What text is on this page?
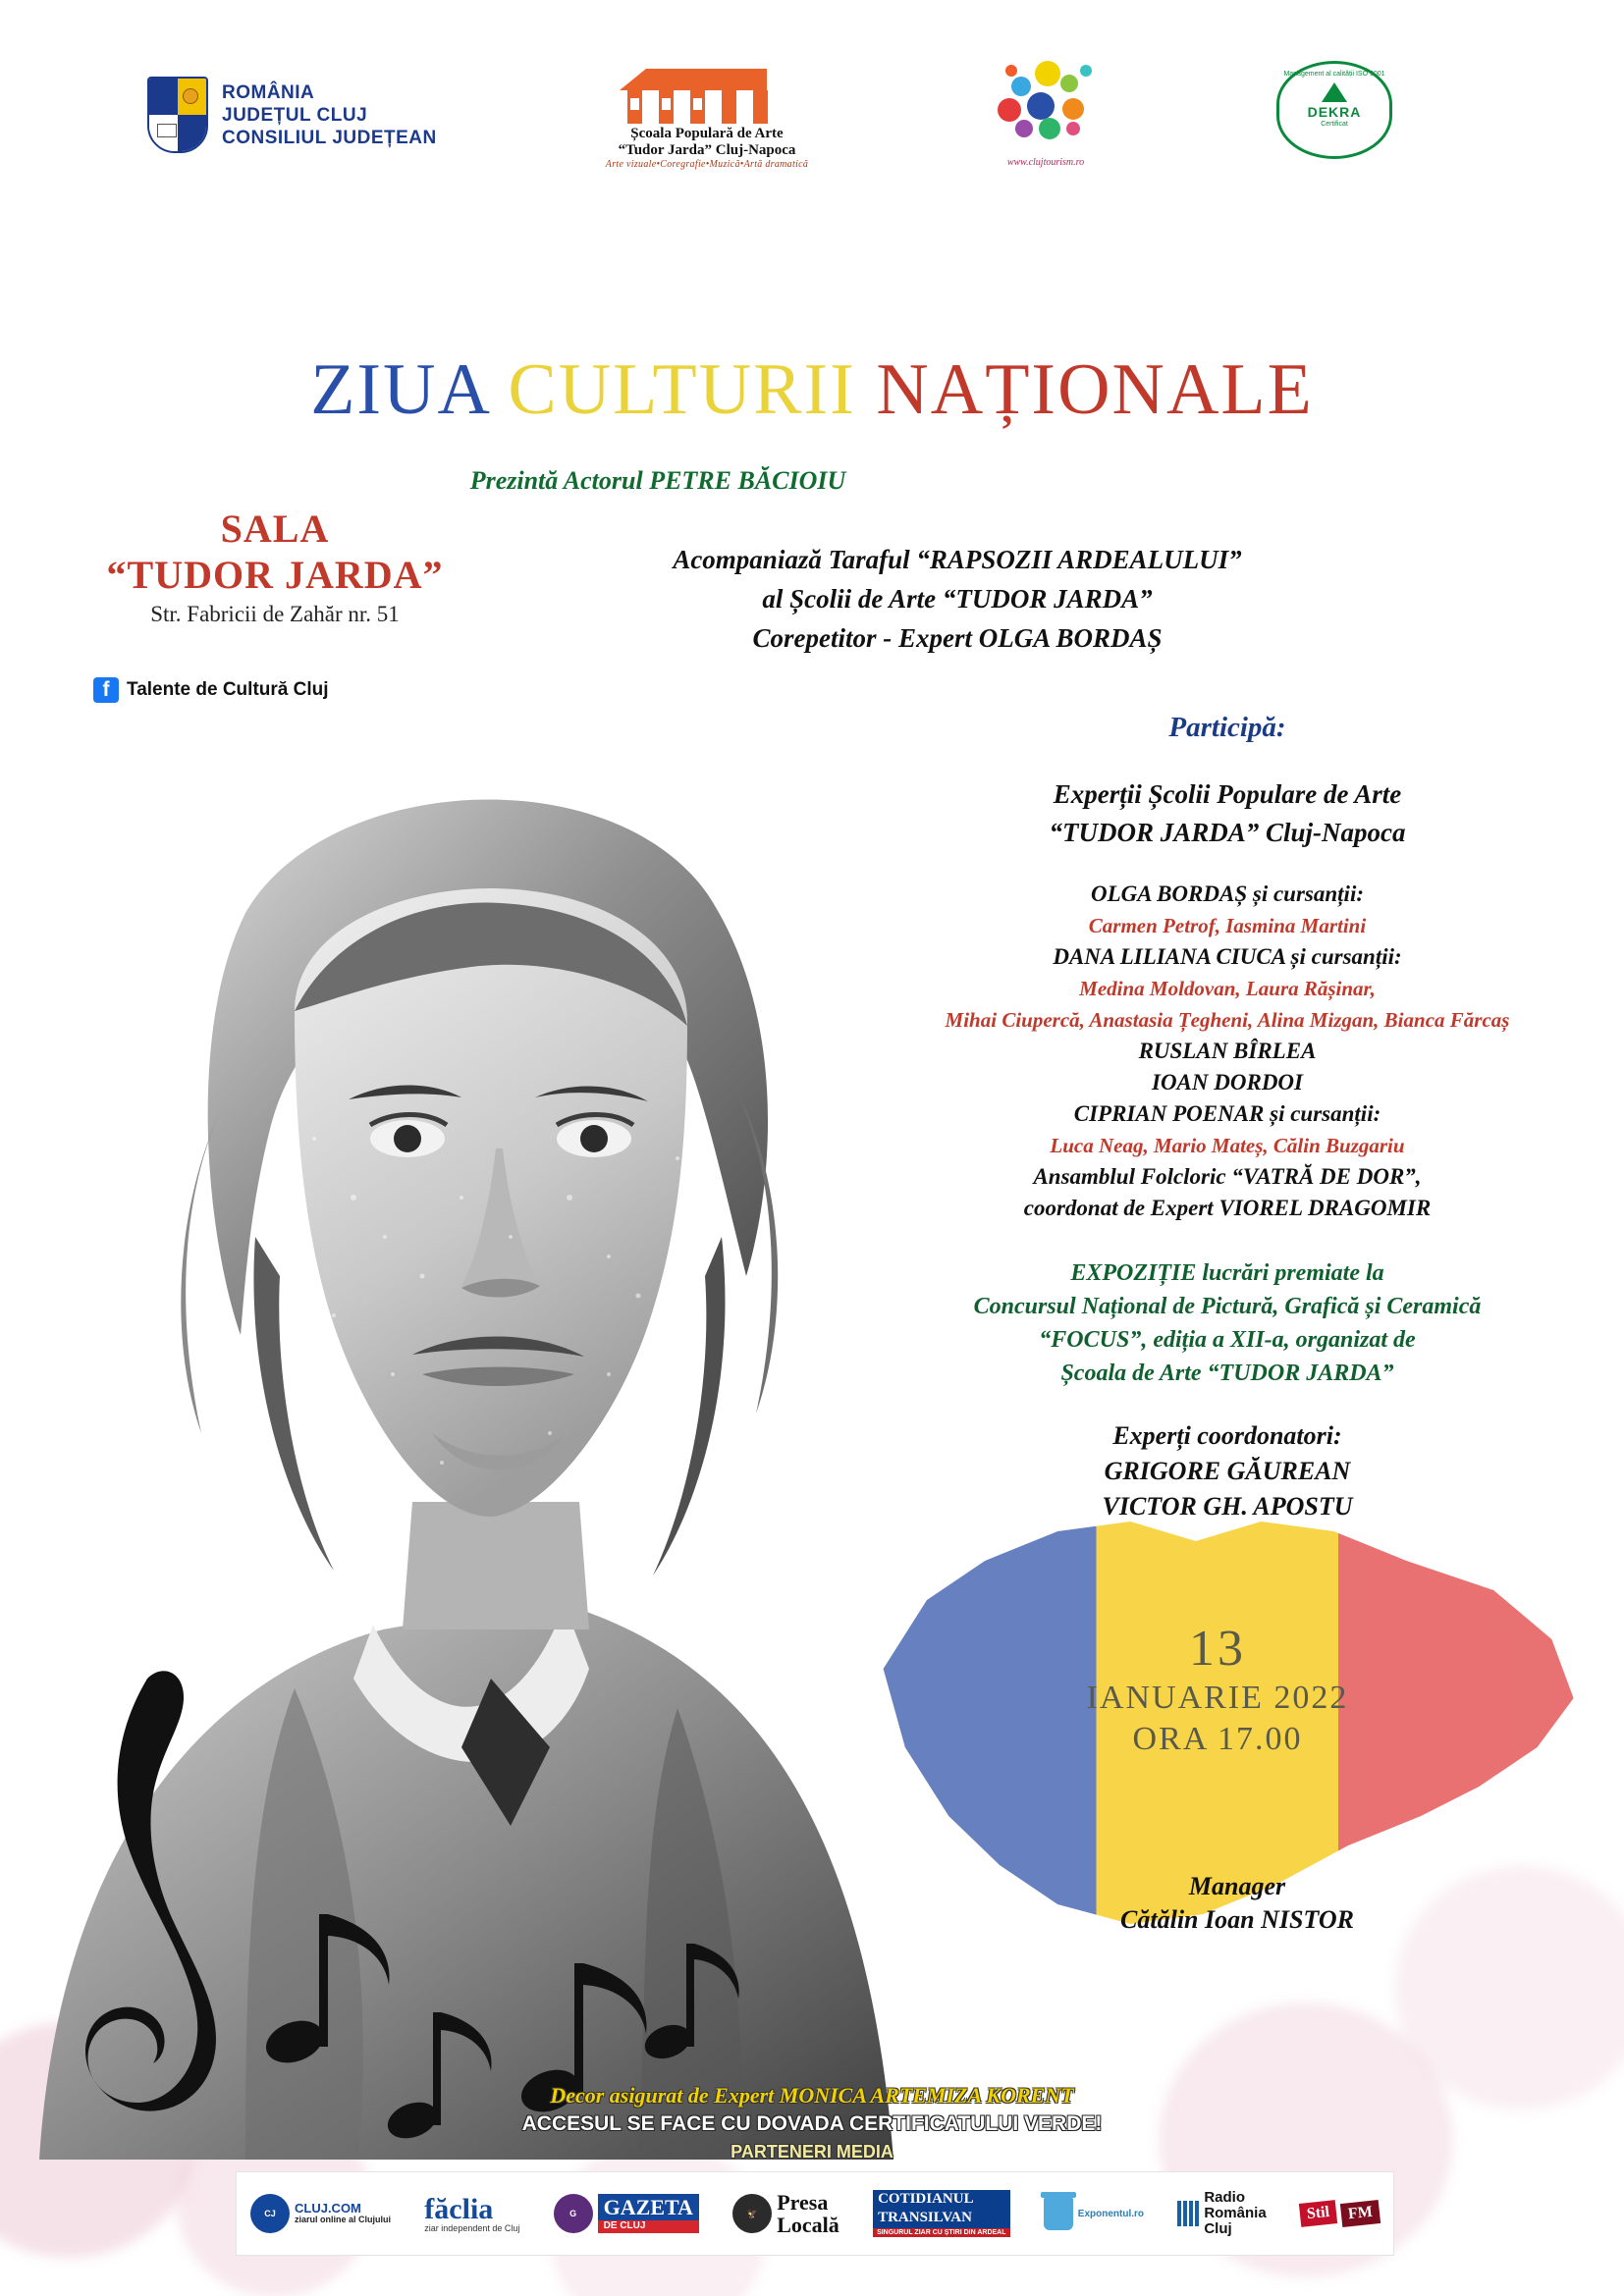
ROMÂNIA
JUDEȚUL CLUJ
CONSILIUL JUDEȚEAN	Școala Populară de Arte
“Tudor Jarda” Cluj-Napoca
Arte vizuale•Coregrafie•Muzică•Artă dramatică	www.clujtourism.ro
Management al calității ISO 9001
DEKRA
Certificat
ZIUA CULTURII NAȚIONALE
Prezintă Actorul PETRE BĂCIOIU
SALA
“TUDOR JARDA”
Str. Fabricii de Zahăr nr. 51
f Talente de Cultură Cluj
Acompaniază Taraful “RAPSOZII ARDEALULUI”
al Școlii de Arte “TUDOR JARDA”
Corepetitor - Expert OLGA BORDAȘ
Participă:
Experții Școlii Populare de Arte
“TUDOR JARDA” Cluj-Napoca
OLGA BORDAȘ și cursanții:
Carmen Petrof, Iasmina Martini
DANA LILIANA CIUCA și cursanții:
Medina Moldovan, Laura Rășinar,
Mihai Ciupercă, Anastasia Țegheni, Alina Mizgan, Bianca Fărcaș
RUSLAN BÎRLEA
IOAN DORDOI
CIPRIAN POENAR și cursanții:
Luca Neag, Mario Mateș, Călin Buzgariu
Ansamblul Folcloric “VATRĂ DE DOR”,
coordonat de Expert VIOREL DRAGOMIR
EXPOZIȚIE lucrări premiate la
Concursul Național de Pictură, Grafică și Ceramică
“FOCUS”, ediția a XII-a, organizat de
Școala de Arte “TUDOR JARDA”
Experți coordonatori:
GRIGORE GĂUREAN
VICTOR GH. APOSTU
13
IANUARIE 2022
ORA 17.00
Manager
Cătălin Ioan NISTOR
Decor asigurat de Expert MONICA ARTEMIZA KORENT
ACCESUL SE FACE CU DOVADA CERTIFICATULUI VERDE!
PARTENERI MEDIA
CJ	CLUJ.COM
ziarul online al Clujului făclia
ziar independent de Cluj
G	GAZETA
DE CLUJ
🦅 Presa
Locală
COTIDIANUL
TRANSILVAN
SINGURUL ZIAR CU ȘTIRI DIN ARDEAL
Exponentul.ro
Radio
România
Cluj
Stil	FM
